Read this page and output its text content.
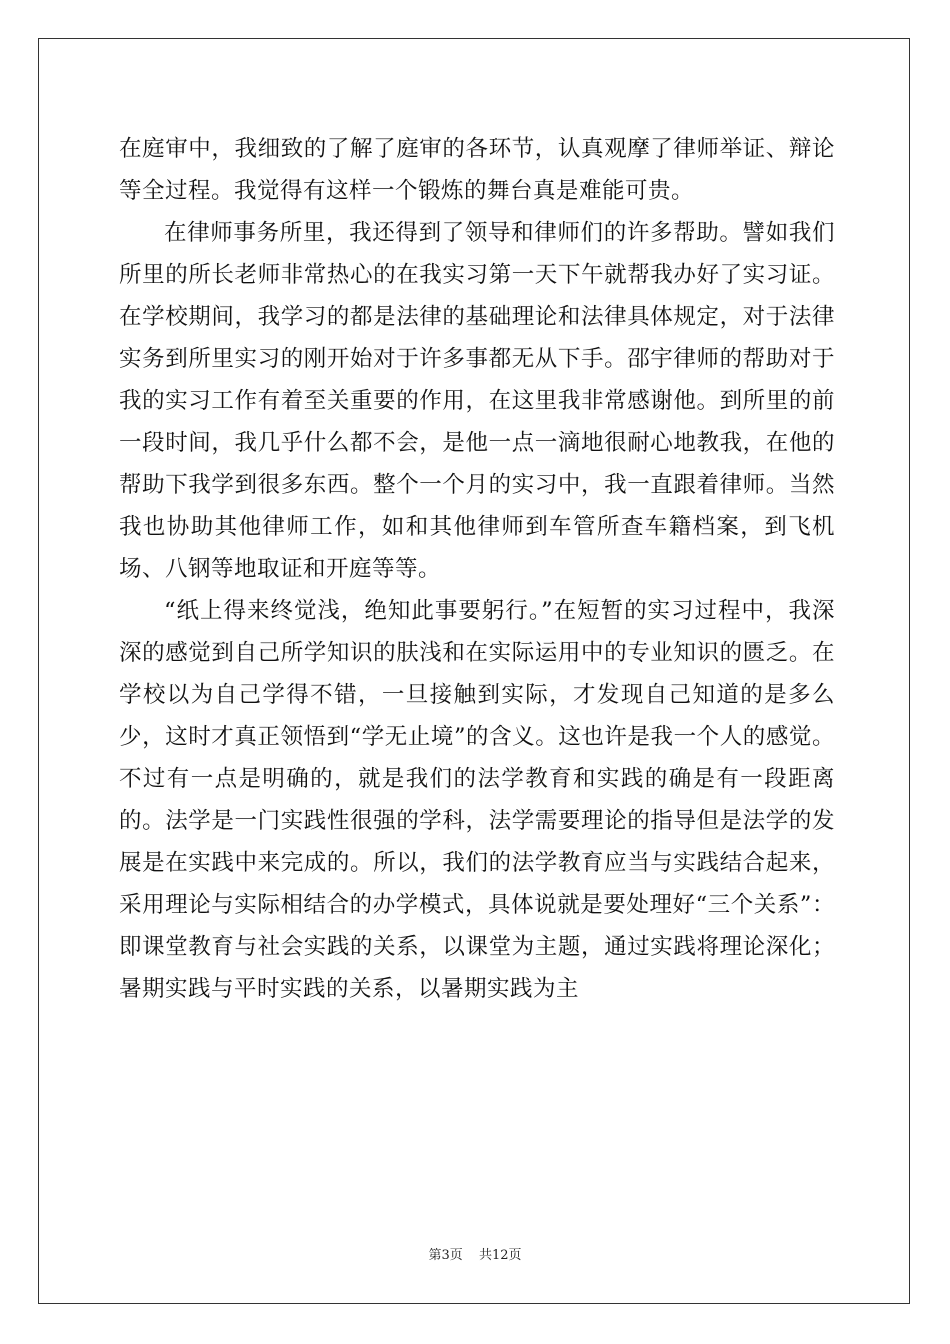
在庭审中，我细致的了解了庭审的各环节，认真观摩了律师举证、辩论等全过程。我觉得有这样一个锻炼的舞台真是难能可贵。

在律师事务所里，我还得到了领导和律师们的许多帮助。譬如我们所里的所长老师非常热心的在我实习第一天下午就帮我办好了实习证。在学校期间，我学习的都是法律的基础理论和法律具体规定，对于法律实务到所里实习的刚开始对于许多事都无从下手。邵宇律师的帮助对于我的实习工作有着至关重要的作用，在这里我非常感谢他。到所里的前一段时间，我几乎什么都不会，是他一点一滴地很耐心地教我，在他的帮助下我学到很多东西。整个一个月的实习中，我一直跟着律师。当然我也协助其他律师工作，如和其他律师到车管所查车籍档案，到飞机场、八钢等地取证和开庭等等。

“纸上得来终觉浅，绝知此事要躬行。”在短暂的实习过程中，我深深的感觉到自己所学知识的肤浅和在实际运用中的专业知识的匮乏。在学校以为自己学得不错，一旦接触到实际，才发现自己知道的是多么少，这时才真正领悟到“学无止境”的含义。这也许是我一个人的感觉。不过有一点是明确的，就是我们的法学教育和实践的确是有一段距离的。法学是一门实践性很强的学科，法学需要理论的指导但是法学的发展是在实践中来完成的。所以，我们的法学教育应当与实践结合起来，采用理论与实际相结合的办学模式，具体说就是要处理好“三个关系”：即课堂教育与社会实践的关系，以课堂为主题，通过实践将理论深化；暑期实践与平时实践的关系，以暑期实践为主

第3页 共12页
